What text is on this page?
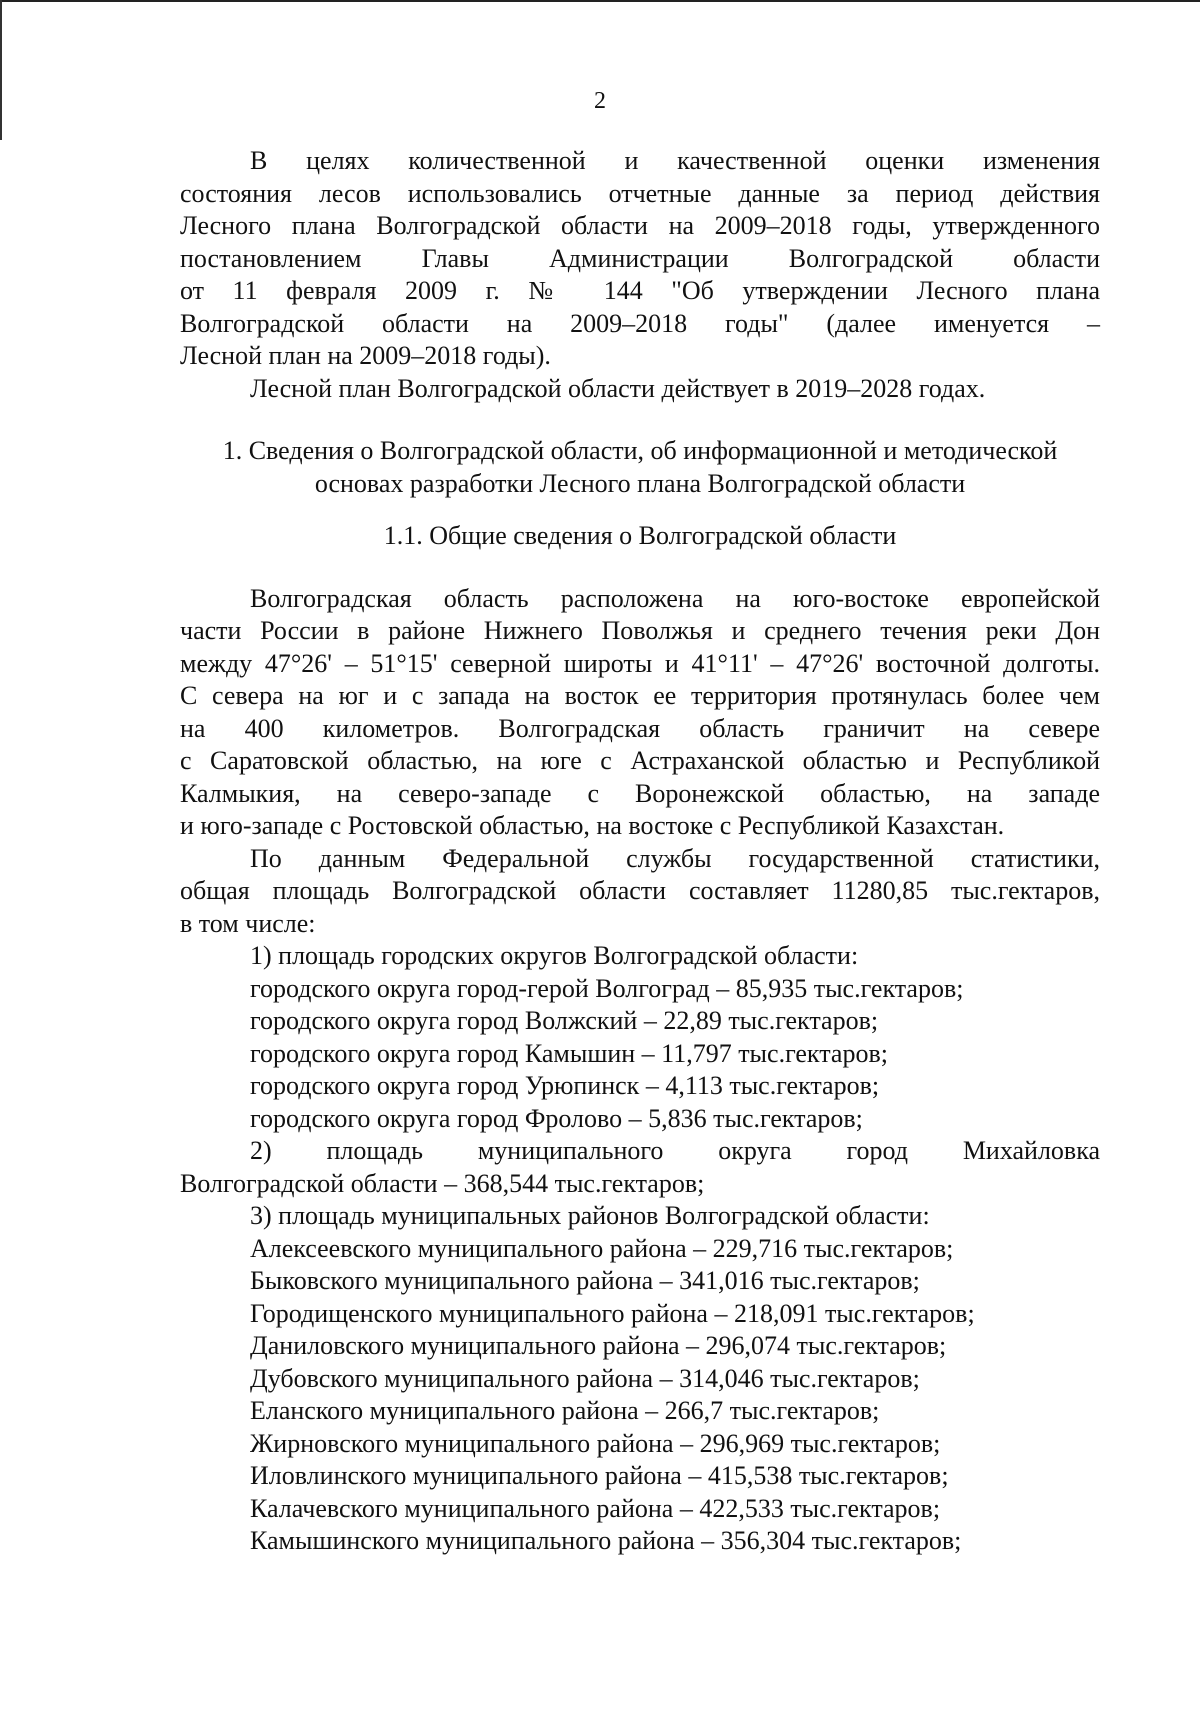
2

В целях количественной и качественной оценки изменения
состояния лесов использовались отчетные данные за период действия
Лесного плана Волгоградской области на 2009–2018 годы, утвержденного
постановлением Главы Администрации Волгоградской области
от 11 февраля 2009 г. № 144 "Об утверждении Лесного плана
Волгоградской области на 2009–2018 годы" (далее именуется –
Лесной план на 2009–2018 годы).

Лесной план Волгоградской области действует в 2019–2028 годах.

1. Сведения о Волгоградской области, об информационной и методической

основах разработки Лесного плана Волгоградской области

1.1. Общие сведения о Волгоградской области

Волгоградская область расположена на юго-востоке европейской
части России в районе Нижнего Поволжья и среднего течения реки Дон
между 47°26' – 51°15' северной широты и 41°11' – 47°26' восточной долготы.
С севера на юг и с запада на восток ее территория протянулась более чем
на 400 километров. Волгоградская область граничит на севере
с Саратовской областью, на юге с Астраханской областью и Республикой
Калмыкия, на северо-западе с Воронежской областью, на западе
и юго-западе с Ростовской областью, на востоке с Республикой Казахстан.

По данным Федеральной службы государственной статистики,
общая площадь Волгоградской области составляет 11280,85 тыс.гектаров,
в том числе:

1) площадь городских округов Волгоградской области:

городского округа город-герой Волгоград – 85,935 тыс.гектаров;

городского округа город Волжский – 22,89 тыс.гектаров;

городского округа город Камышин – 11,797 тыс.гектаров;

городского округа город Урюпинск – 4,113 тыс.гектаров;

городского округа город Фролово – 5,836 тыс.гектаров;

2) площадь муниципального округа город Михайловка
Волгоградской области – 368,544 тыс.гектаров;

3) площадь муниципальных районов Волгоградской области:

Алексеевского муниципального района – 229,716 тыс.гектаров;

Быковского муниципального района – 341,016 тыс.гектаров;

Городищенского муниципального района – 218,091 тыс.гектаров;

Даниловского муниципального района – 296,074 тыс.гектаров;

Дубовского муниципального района – 314,046 тыс.гектаров;

Еланского муниципального района – 266,7 тыс.гектаров;

Жирновского муниципального района – 296,969 тыс.гектаров;

Иловлинского муниципального района – 415,538 тыс.гектаров;

Калачевского муниципального района – 422,533 тыс.гектаров;

Камышинского муниципального района – 356,304 тыс.гектаров;
